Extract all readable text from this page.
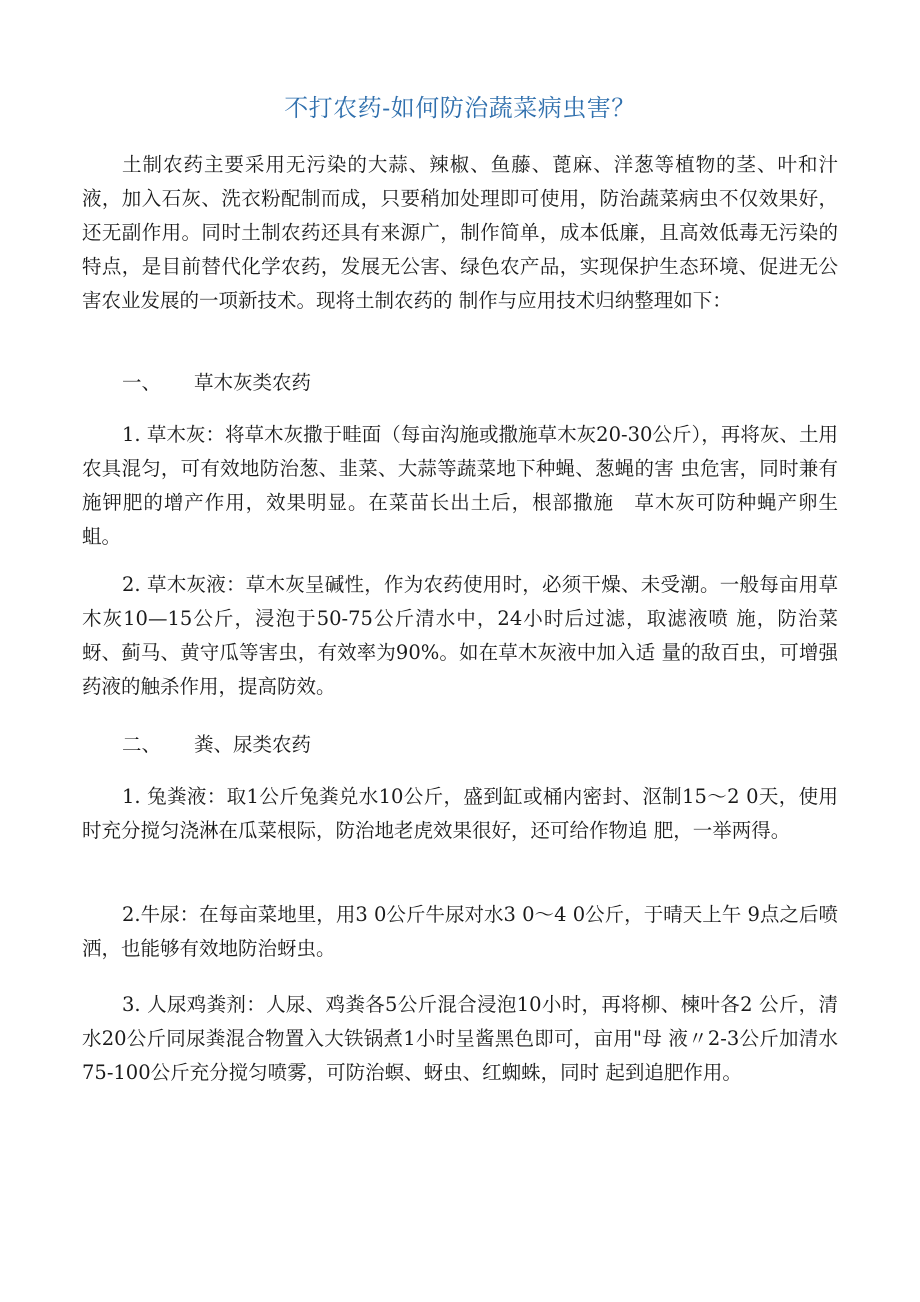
不打农药-如何防治蔬菜病虫害？

土制农药主要采用无污染的大蒜、辣椒、鱼藤、蓖麻、洋葱等植物的茎、叶和汁液，加入石灰、洗衣粉配制而成，只要稍加处理即可使用，防治蔬菜病虫不仅效果好，还无副作用。同时土制农药还具有来源广，制作简单，成本低廉，且高效低毒无污染的特点，是目前替代化学农药，发展无公害、绿色农产品，实现保护生态环境、促进无公害农业发展的一项新技术。现将土制农药的 制作与应用技术归纳整理如下：

一、 草木灰类农药

1. 草木灰：将草木灰撒于畦面（每亩沟施或撒施草木灰20-30公斤），再将灰、土用农具混匀，可有效地防治葱、韭菜、大蒜等蔬菜地下种蝇、葱蝇的害 虫危害，同时兼有施钾肥的增产作用，效果明显。在菜苗长出土后，根部撒施　草木灰可防种蝇产卵生蛆。

2. 草木灰液：草木灰呈碱性，作为农药使用时，必须干燥、未受潮。一般每亩用草木灰10—15公斤，浸泡于50-75公斤清水中，24小时后过滤，取滤液喷 施，防治菜蚜、蓟马、黄守瓜等害虫，有效率为90%。如在草木灰液中加入适 量的敌百虫，可增强药液的触杀作用，提高防效。

二、 粪、尿类农药

1. 兔粪液：取1公斤兔粪兑水10公斤，盛到缸或桶内密封、沤制15〜2 0天，使用时充分搅匀浇淋在瓜菜根际，防治地老虎效果很好，还可给作物追 肥，一举两得。

2.牛尿：在每亩菜地里，用3 0公斤牛尿对水3 0〜4 0公斤，于晴天上午 9点之后喷洒，也能够有效地防治蚜虫。

3. 人尿鸡粪剂：人尿、鸡粪各5公斤混合浸泡10小时，再将柳、楝叶各2 公斤，清水20公斤同尿粪混合物置入大铁锅煮1小时呈酱黑色即可，亩用"母 液〃2-3公斤加清水75-100公斤充分搅匀喷雾，可防治螟、蚜虫、红蜘蛛，同时 起到追肥作用。
